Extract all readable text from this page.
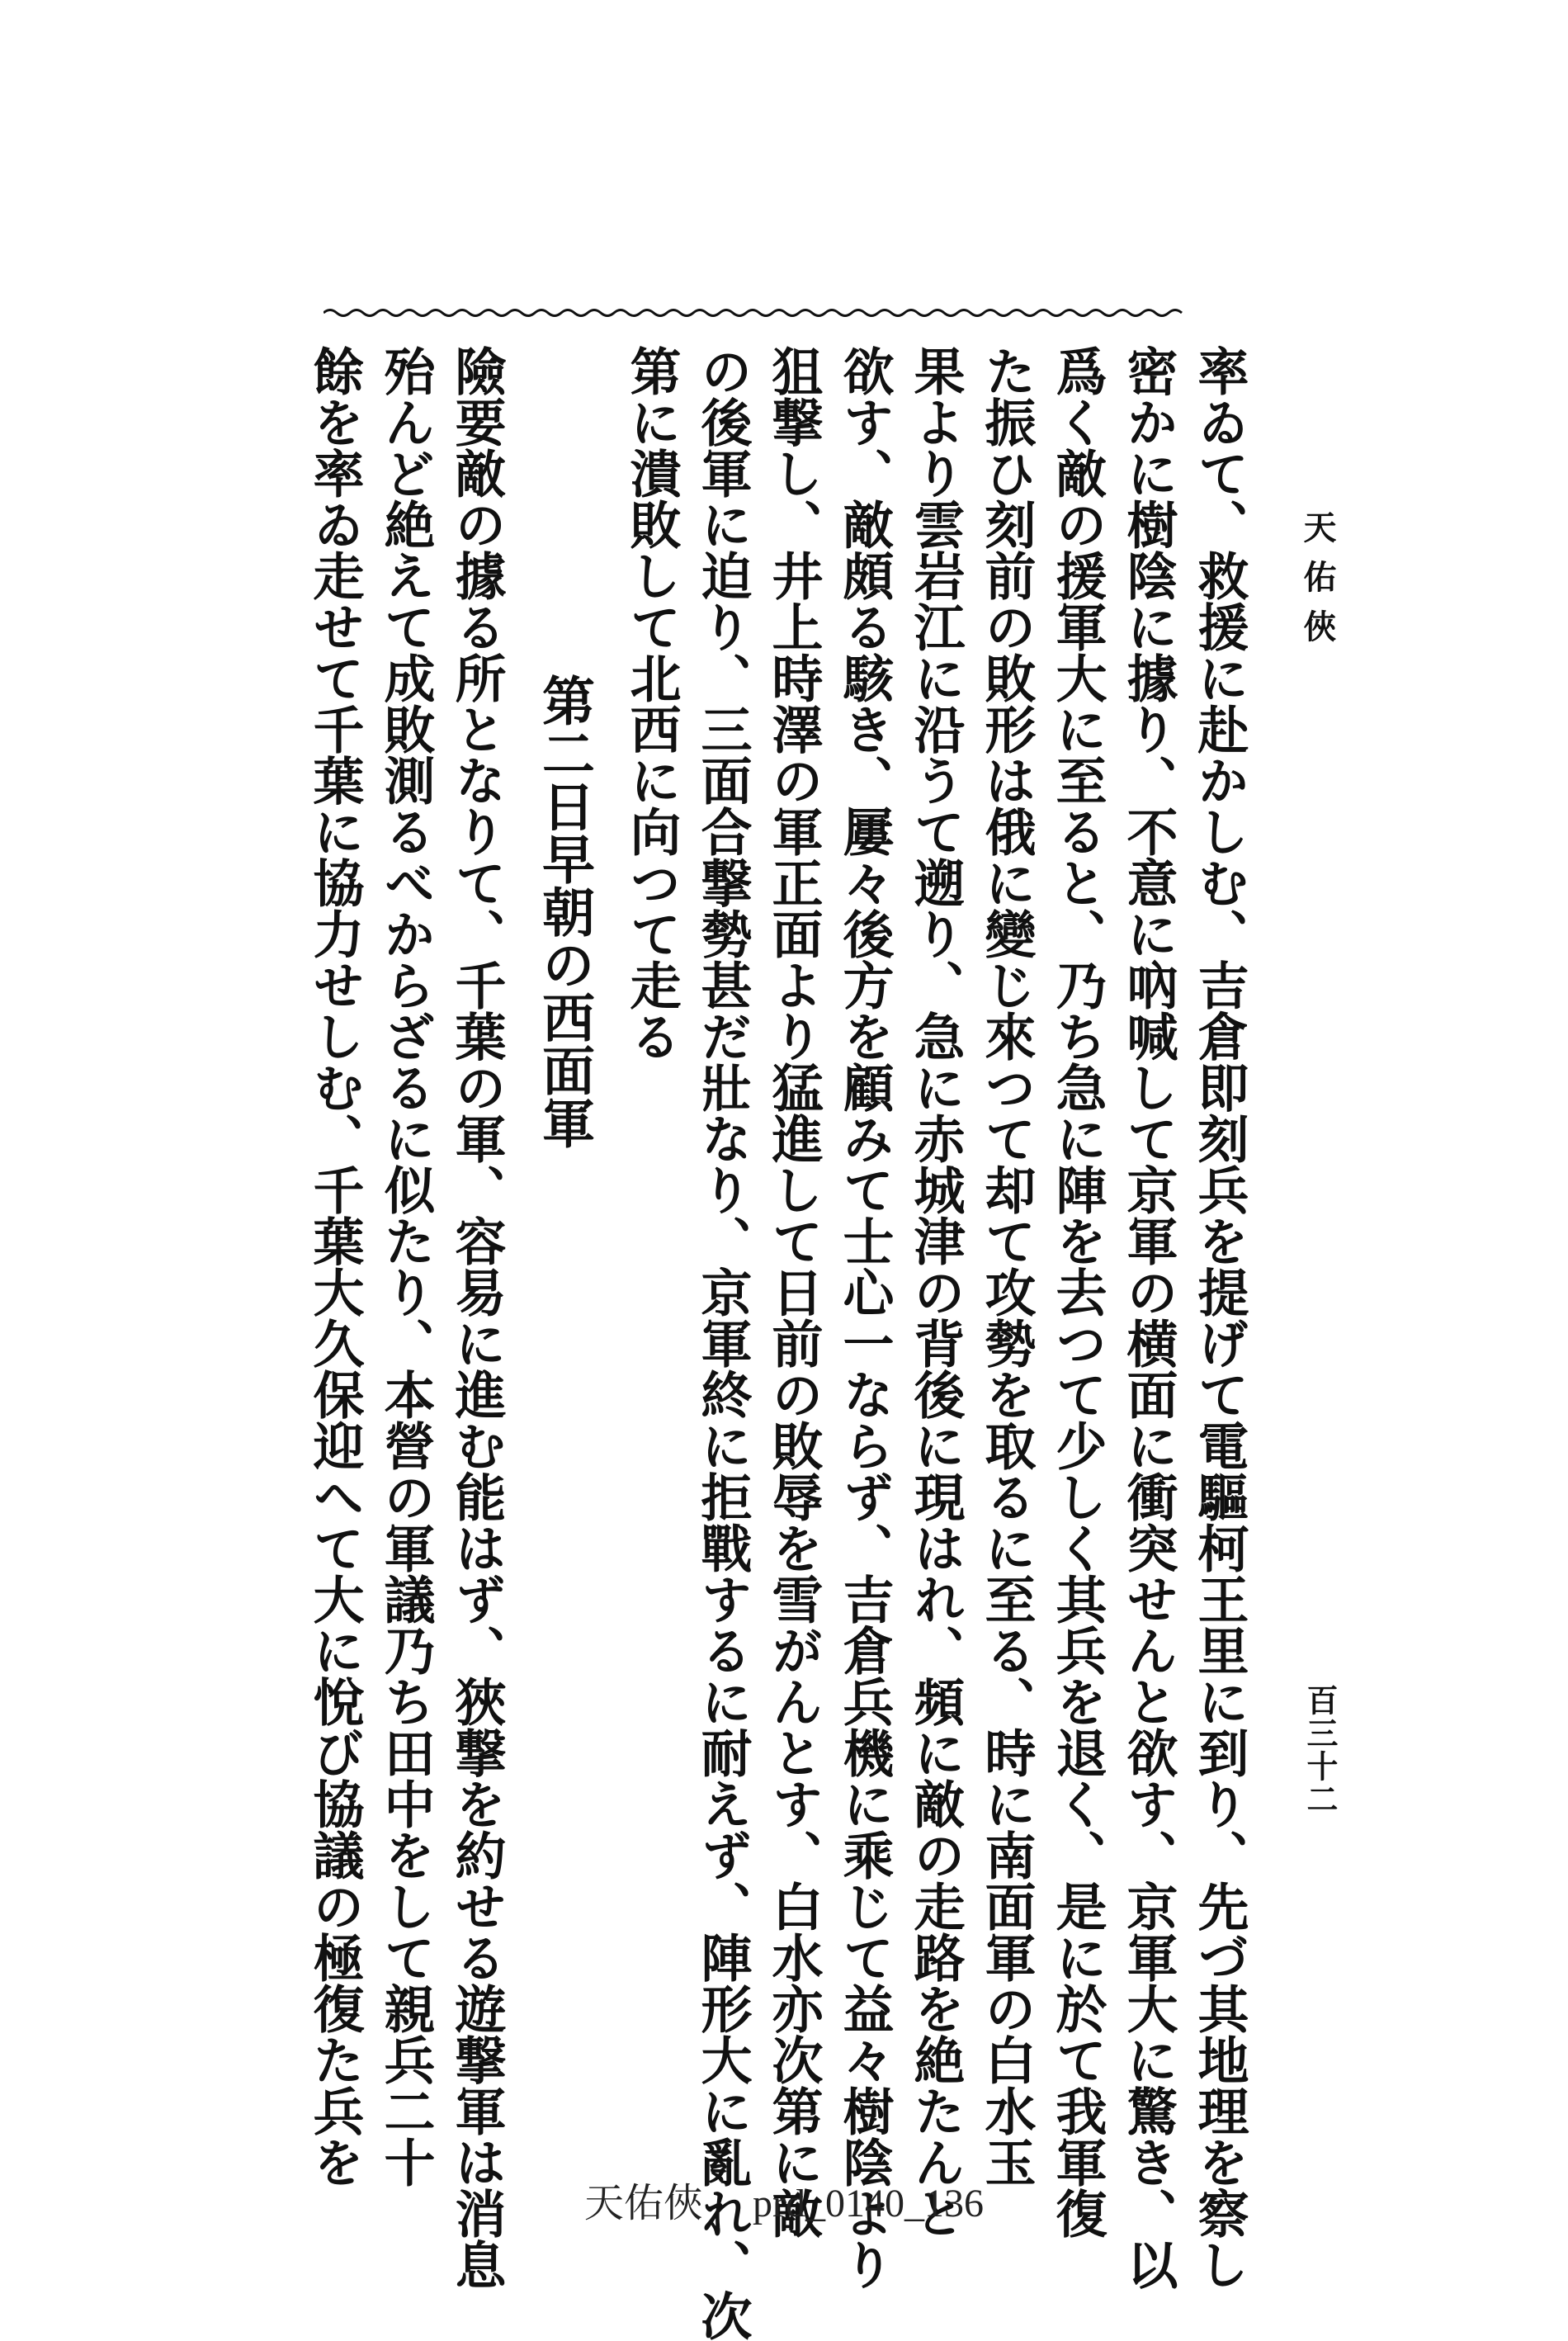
天佑俠
百三十二
率ゐて、救援に赴かしむ、吉倉即刻兵を提げて電驅柯王里に到り、先づ其地理を察し
密かに樹陰に據り、不意に吶喊して京軍の横面に衝突せんと欲す、京軍大に驚き、以
爲く敵の援軍大に至ると、乃ち急に陣を去つて少しく其兵を退く、是に於て我軍復
た振ひ刻前の敗形は俄に變じ來つて却て攻勢を取るに至る、時に南面軍の白水玉
果より雲岩江に沿うて遡り、急に赤城津の背後に現はれ、頻に敵の走路を絶たんと
欲す、敵頗る駭き、屢々後方を顧みて士心一ならず、吉倉兵機に乘じて益々樹陰より
狙撃し、井上時澤の軍正面より猛進して日前の敗辱を雪がんとす、白水亦次第に敵
の後軍に迫り、三面合撃勢甚だ壯なり、京軍終に拒戰するに耐えず、陣形大に亂れ、次
第に潰敗して北西に向つて走る
第二日早朝の西面軍
險要敵の據る所となりて、千葉の軍、容易に進む能はず、狹撃を約せる遊撃軍は消息
殆んど絶えて成敗測るべからざるに似たり、本營の軍議乃ち田中をして親兵二十
餘を率ゐ走せて千葉に協力せしむ、千葉大久保迎へて大に悅び協議の極復た兵を
天佑俠 prd_0140_136
